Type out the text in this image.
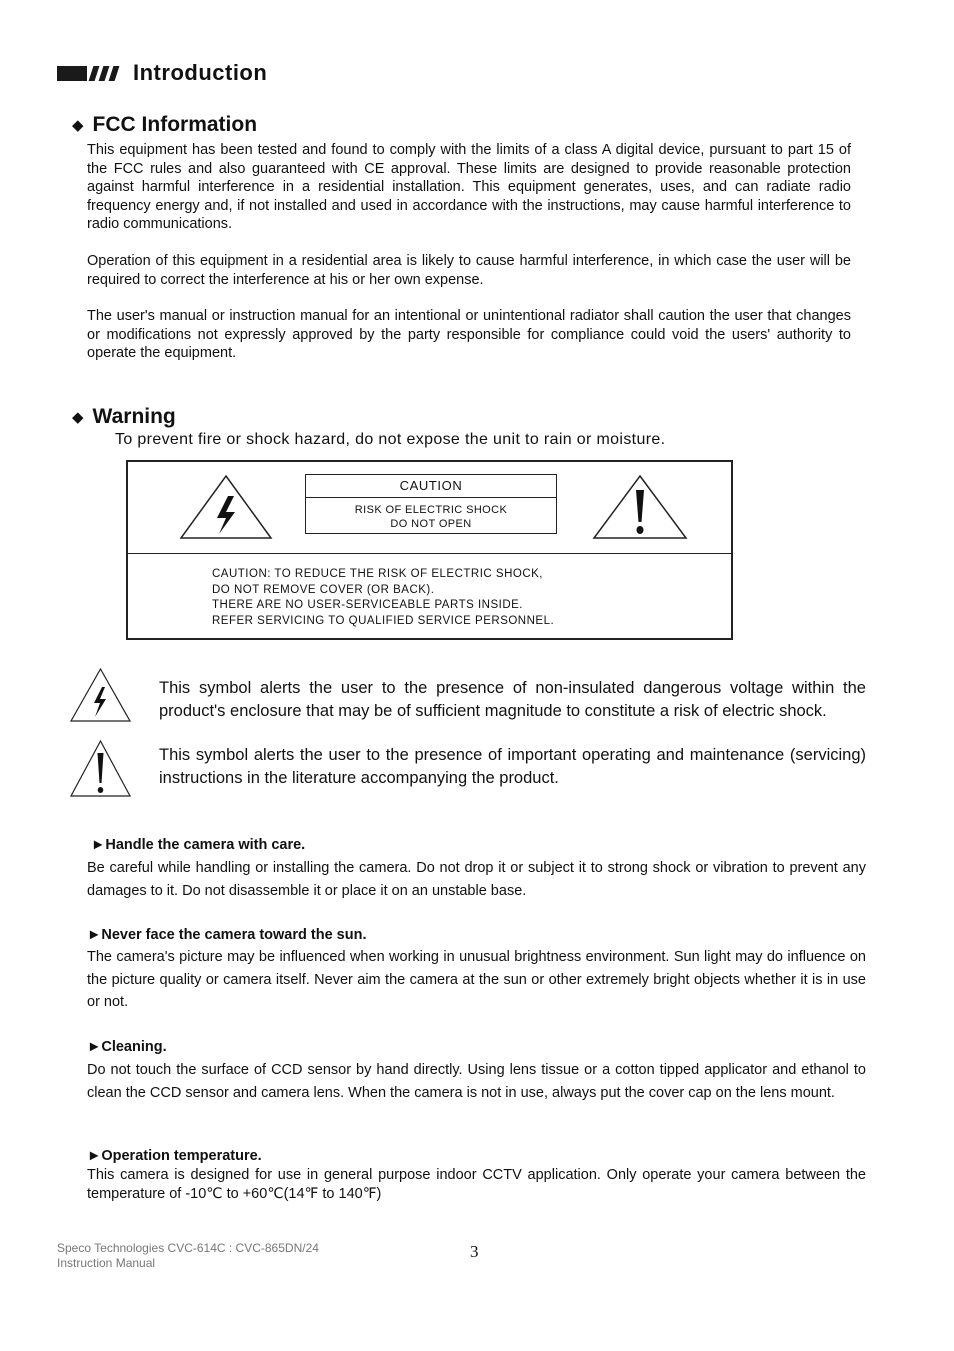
Introduction
◆ FCC Information

This equipment has been tested and found to comply with the limits of a class A digital device, pursuant to part 15 of the FCC rules and also guaranteed with CE approval. These limits are designed to provide reasonable protection against harmful interference in a residential installation. This equipment generates, uses, and can radiate radio frequency energy and, if not installed and used in accordance with the instructions, may cause harmful interference to radio communications.

Operation of this equipment in a residential area is likely to cause harmful interference, in which case the user will be required to correct the interference at his or her own expense.

The user's manual or instruction manual for an intentional or unintentional radiator shall caution the user that changes or modifications not expressly approved by the party responsible for compliance could void the users' authority to operate the equipment.

◆ Warning

To prevent fire or shock hazard, do not expose the unit to rain or moisture.

CAUTION
RISK OF ELECTRIC SHOCK
DO NOT OPEN
CAUTION: TO REDUCE THE RISK OF ELECTRIC SHOCK,
DO NOT REMOVE COVER (OR BACK).
THERE ARE NO USER-SERVICEABLE PARTS INSIDE.
REFER SERVICING TO QUALIFIED SERVICE PERSONNEL.

This symbol alerts the user to the presence of non-insulated dangerous voltage within the product's enclosure that may be of sufficient magnitude to constitute a risk of electric shock.

This symbol alerts the user to the presence of important operating and maintenance (servicing) instructions in the literature accompanying the product.

►Handle the camera with care.

Be careful while handling or installing the camera. Do not drop it or subject it to strong shock or vibration to prevent any damages to it. Do not disassemble it or place it on an unstable base.

►Never face the camera toward the sun.

The camera's picture may be influenced when working in unusual brightness environment. Sun light may do influence on the picture quality or camera itself. Never aim the camera at the sun or other extremely bright objects whether it is in use or not.

►Cleaning.

Do not touch the surface of CCD sensor by hand directly. Using lens tissue or a cotton tipped applicator and ethanol to clean the CCD sensor and camera lens. When the camera is not in use, always put the cover cap on the lens mount.

►Operation temperature.

This camera is designed for use in general purpose indoor CCTV application. Only operate your camera between the temperature of -10℃ to +60℃(14℉ to 140℉)

Speco Technologies CVC-614C : CVC-865DN/24
Instruction Manual
3
